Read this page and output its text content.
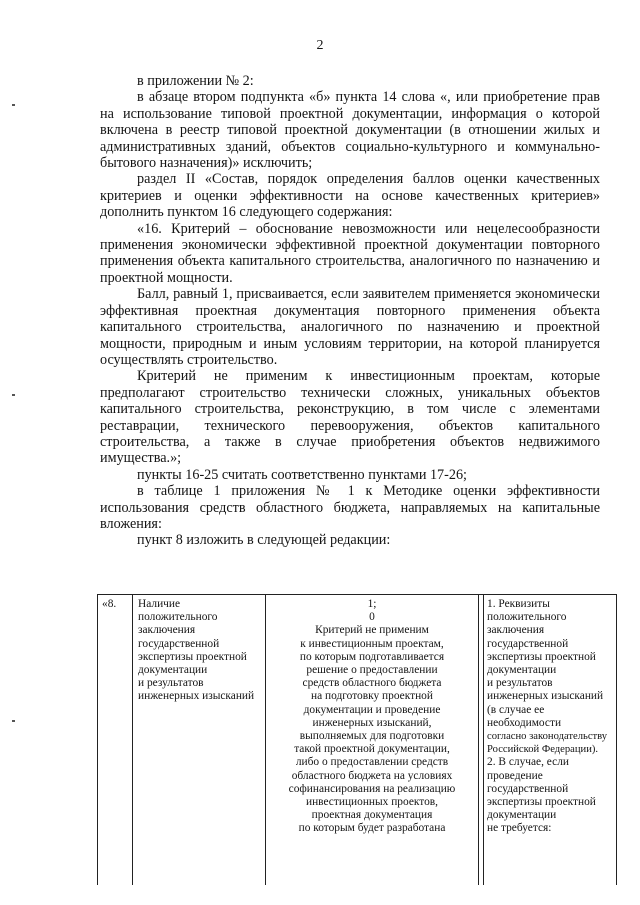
2

в приложении № 2:

в абзаце втором подпункта «б» пункта 14 слова «, или приобретение прав на использование типовой проектной документации, информация о которой включена в реестр типовой проектной документации (в отношении жилых и административных зданий, объектов социально-культурного и коммунально-бытового назначения)» исключить;

раздел II «Состав, порядок определения баллов оценки качественных критериев и оценки эффективности на основе качественных критериев» дополнить пунктом 16 следующего содержания:

«16. Критерий – обоснование невозможности или нецелесообразности применения экономически эффективной проектной документации повторного применения объекта капитального строительства, аналогичного по назначению и проектной мощности.

Балл, равный 1, присваивается, если заявителем применяется экономически эффективная проектная документация повторного применения объекта капитального строительства, аналогичного по назначению и проектной мощности, природным и иным условиям территории, на которой планируется осуществлять строительство.

Критерий не применим к инвестиционным проектам, которые предполагают строительство технически сложных, уникальных объектов капитального строительства, реконструкцию, в том числе с элементами реставрации, технического перевооружения, объектов капитального строительства, а также в случае приобретения объектов недвижимого имущества.»;

пункты 16-25 считать соответственно пунктами 17-26;

в таблице 1 приложения № 1 к Методике оценки эффективности использования средств областного бюджета, направляемых на капитальные вложения:

пункт 8 изложить в следующей редакции:

«8.	Наличие
положительного
заключения
государственной
экспертизы проектной
документации
и результатов
инженерных изысканий
1;
0
Критерий не применим
к инвестиционным проектам,
по которым подготавливается
решение о предоставлении
средств областного бюджета
на подготовку проектной
документации и проведение
инженерных изысканий,
выполняемых для подготовки
такой проектной документации,
либо о предоставлении средств
областного бюджета на условиях
софинансирования на реализацию
инвестиционных проектов,
проектная документация
по которым будет разработана
1. Реквизиты
положительного
заключения
государственной
экспертизы проектной
документации
и результатов
инженерных изысканий
(в случае ее
необходимости
согласно законодательству
Российской Федерации).
2. В случае, если
проведение
государственной
экспертизы проектной
документации
не требуется:
